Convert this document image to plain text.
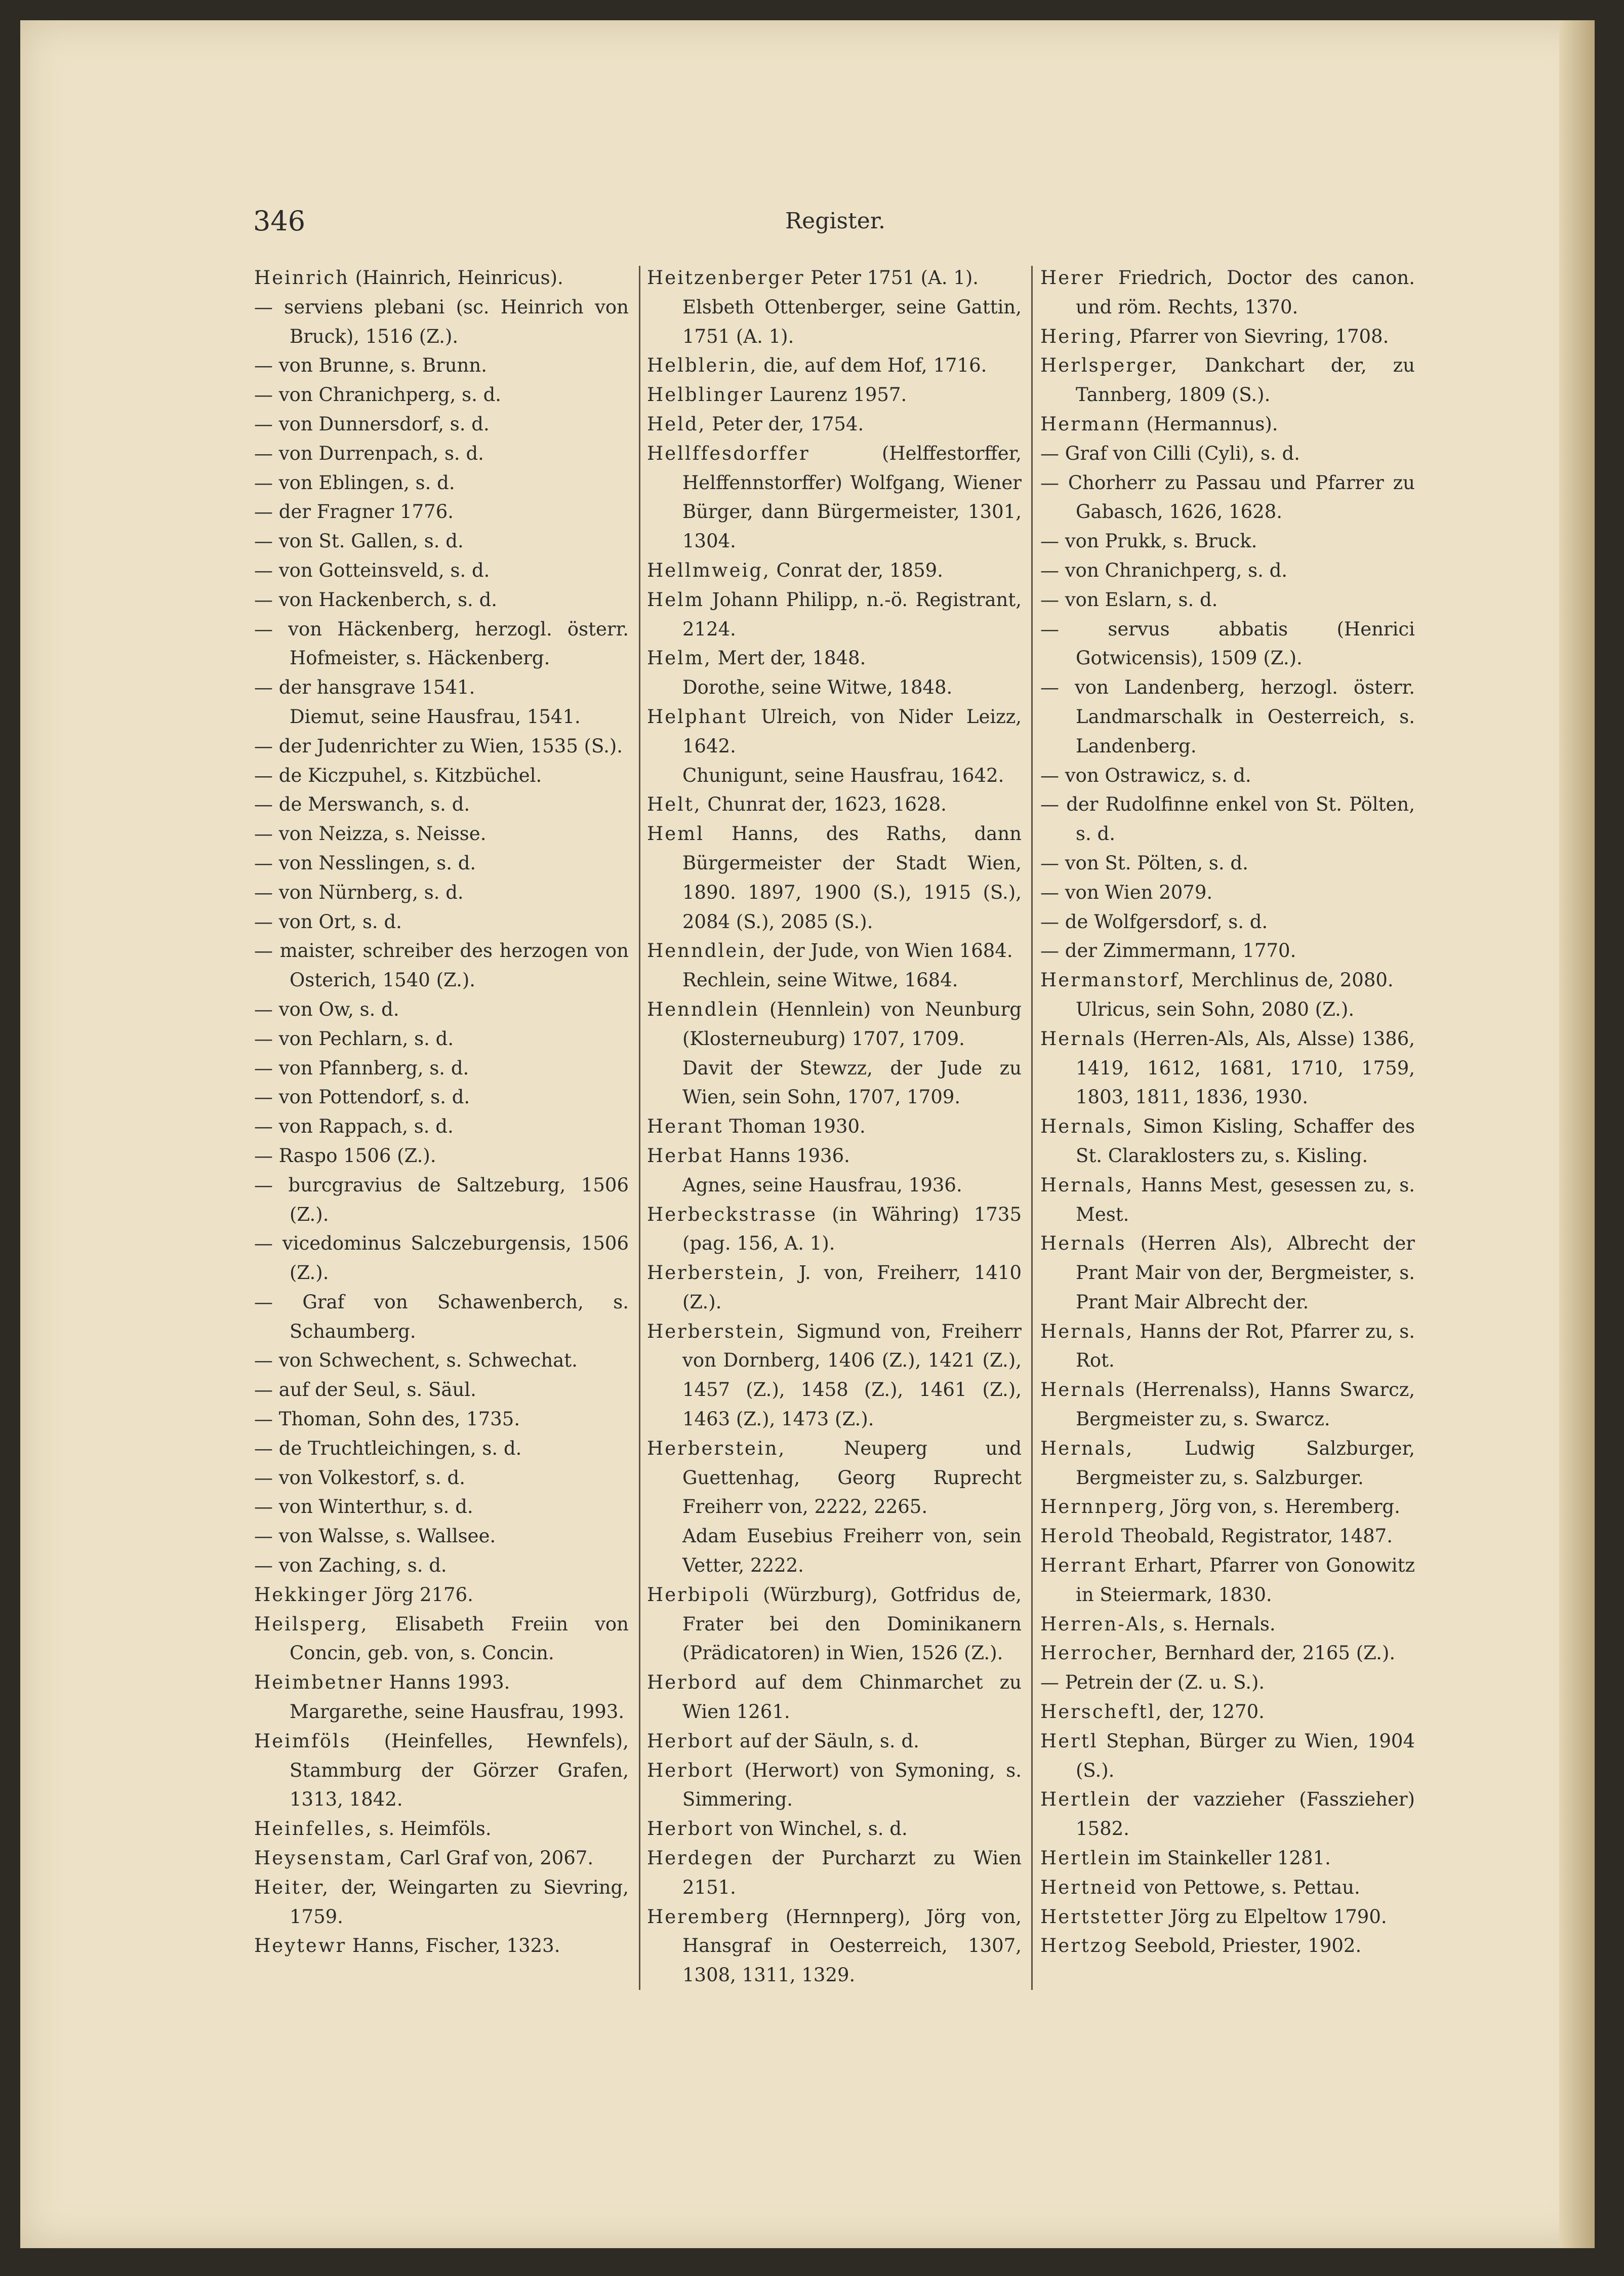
346	Register.

Heinrich (Hainrich, Heinricus).

— serviens plebani (sc. Heinrich von Bruck), 1516 (Z.).

— von Brunne, s. Brunn.

— von Chranichperg, s. d.

— von Dunnersdorf, s. d.

— von Durrenpach, s. d.

— von Eblingen, s. d.

— der Fragner 1776.

— von St. Gallen, s. d.

— von Gotteinsveld, s. d.

— von Hackenberch, s. d.

— von Häckenberg, herzogl. österr. Hofmeister, s. Häckenberg.

— der hansgrave 1541.

Diemut, seine Hausfrau, 1541.

— der Judenrichter zu Wien, 1535 (S.).

— de Kiczpuhel, s. Kitzbüchel.

— de Merswanch, s. d.

— von Neizza, s. Neisse.

— von Nesslingen, s. d.

— von Nürnberg, s. d.

— von Ort, s. d.

— maister, schreiber des herzogen von Osterich, 1540 (Z.).

— von Ow, s. d.

— von Pechlarn, s. d.

— von Pfannberg, s. d.

— von Pottendorf, s. d.

— von Rappach, s. d.

— Raspo 1506 (Z.).

— burcgravius de Saltzeburg, 1506 (Z.).

— vicedominus Salczeburgensis, 1506 (Z.).

— Graf von Schawenberch, s. Schaumberg.

— von Schwechent, s. Schwechat.

— auf der Seul, s. Säul.

— Thoman, Sohn des, 1735.

— de Truchtleichingen, s. d.

— von Volkestorf, s. d.

— von Winterthur, s. d.

— von Walsse, s. Wallsee.

— von Zaching, s. d.

Hekkinger Jörg 2176.

Heilsperg, Elisabeth Freiin von Concin, geb. von, s. Concin.

Heimbetner Hanns 1993.

Margarethe, seine Hausfrau, 1993.

Heimföls (Heinfelles, Hewnfels), Stammburg der Görzer Grafen, 1313, 1842.

Heinfelles, s. Heimföls.

Heysenstam, Carl Graf von, 2067.

Heiter, der, Weingarten zu Sievring, 1759.

Heytewr Hanns, Fischer, 1323.

Heitzenberger Peter 1751 (A. 1).

Elsbeth Ottenberger, seine Gattin, 1751 (A. 1).

Helblerin, die, auf dem Hof, 1716.

Helblinger Laurenz 1957.

Held, Peter der, 1754.

Hellffesdorffer	(Helffestorffer, Helffennstorffer) Wolfgang, Wiener Bürger, dann Bürgermeister, 1301, 1304.

Hellmweig, Conrat der, 1859.

Helm Johann Philipp, n.-ö. Registrant, 2124.

Helm, Mert der, 1848.

Dorothe, seine Witwe, 1848.

Helphant Ulreich, von Nider Leizz, 1642.

Chunigunt, seine Hausfrau, 1642.

Helt, Chunrat der, 1623, 1628.

Heml Hanns, des Raths, dann Bürgermeister der Stadt Wien, 1890. 1897, 1900 (S.), 1915 (S.), 2084 (S.), 2085 (S.).

Henndlein, der Jude, von Wien 1684.

Rechlein, seine Witwe, 1684.

Henndlein (Hennlein) von Neunburg (Klosterneuburg) 1707, 1709.

Davit der Stewzz, der Jude zu Wien, sein Sohn, 1707, 1709.

Herant Thoman 1930.

Herbat Hanns 1936.

Agnes, seine Hausfrau, 1936.

Herbeckstrasse (in Währing) 1735 (pag. 156, A. 1).

Herberstein, J. von, Freiherr, 1410 (Z.).

Herberstein, Sigmund von, Freiherr von Dornberg, 1406 (Z.), 1421 (Z.), 1457 (Z.), 1458 (Z.), 1461 (Z.), 1463 (Z.), 1473 (Z.).

Herberstein,	Neuperg und Guettenhag, Georg Ruprecht Freiherr von, 2222, 2265.

Adam Eusebius Freiherr von, sein Vetter, 2222.

Herbipoli (Würzburg), Gotfridus de, Frater bei den Dominikanern (Prädicatoren) in Wien, 1526 (Z.).

Herbord auf dem Chinmarchet zu Wien 1261.

Herbort auf der Säuln, s. d.

Herbort (Herwort) von Symoning, s. Simmering.

Herbort von Winchel, s. d.

Herdegen der Purcharzt zu Wien 2151.

Heremberg (Hernnperg), Jörg von, Hansgraf in Oesterreich, 1307, 1308, 1311, 1329.

Herer Friedrich, Doctor des canon. und röm. Rechts, 1370.

Hering, Pfarrer von Sievring, 1708.

Herlsperger, Dankchart der, zu Tannberg, 1809 (S.).

Hermann (Hermannus).

— Graf von Cilli (Cyli), s. d.

— Chorherr zu Passau und Pfarrer zu Gabasch, 1626, 1628.

— von Prukk, s. Bruck.

— von Chranichperg, s. d.

— von Eslarn, s. d.

— servus abbatis (Henrici Gotwicensis), 1509 (Z.).

— von Landenberg, herzogl. österr. Landmarschalk in Oesterreich, s. Landenberg.

— von Ostrawicz, s. d.

— der Rudolfinne enkel von St. Pölten, s. d.

— von St. Pölten, s. d.

— von Wien 2079.

— de Wolfgersdorf, s. d.

— der Zimmermann, 1770.

Hermanstorf, Merchlinus de, 2080.

Ulricus, sein Sohn, 2080 (Z.).

Hernals (Herren-Als, Als, Alsse) 1386, 1419, 1612, 1681, 1710, 1759, 1803, 1811, 1836, 1930.

Hernals, Simon Kisling, Schaffer des St. Claraklosters zu, s. Kisling.

Hernals, Hanns Mest, gesessen zu, s. Mest.

Hernals (Herren Als), Albrecht der Prant Mair von der, Bergmeister, s. Prant Mair Albrecht der.

Hernals, Hanns der Rot, Pfarrer zu, s. Rot.

Hernals (Herrenalss), Hanns Swarcz, Bergmeister zu, s. Swarcz.

Hernals,	Ludwig Salzburger, Bergmeister zu, s. Salzburger.

Hernnperg, Jörg von, s. Heremberg.

Herold Theobald, Registrator, 1487.

Herrant Erhart, Pfarrer von Gonowitz in Steiermark, 1830.

Herren-Als, s. Hernals.

Herrocher, Bernhard der, 2165 (Z.).

— Petrein der (Z. u. S.).

Herscheftl, der, 1270.

Hertl Stephan, Bürger zu Wien, 1904 (S.).

Hertlein der vazzieher (Fasszieher) 1582.

Hertlein im Stainkeller 1281.

Hertneid von Pettowe, s. Pettau.

Hertstetter Jörg zu Elpeltow 1790.

Hertzog Seebold, Priester, 1902.
